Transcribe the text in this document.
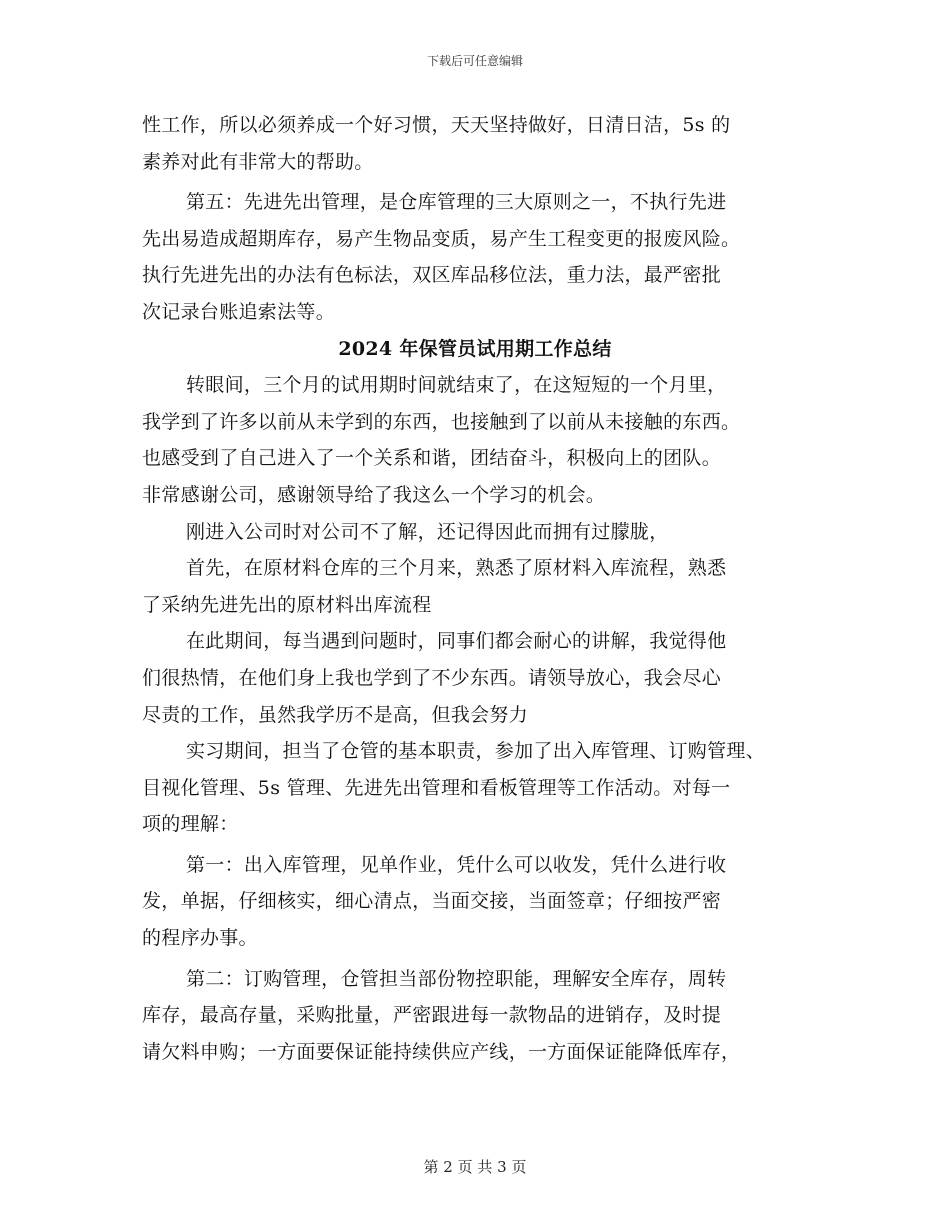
下载后可任意编辑
性工作，所以必须养成一个好习惯，天天坚持做好，日清日洁，5s 的
素养对此有非常大的帮助。
第五：先进先出管理，是仓库管理的三大原则之一，不执行先进
先出易造成超期库存，易产生物品变质，易产生工程变更的报废风险。
执行先进先出的办法有色标法，双区库品移位法，重力法，最严密批
次记录台账追索法等。
2024 年保管员试用期工作总结
转眼间，三个月的试用期时间就结束了，在这短短的一个月里，
我学到了许多以前从未学到的东西，也接触到了以前从未接触的东西。
也感受到了自己进入了一个关系和谐，团结奋斗，积极向上的团队。
非常感谢公司，感谢领导给了我这么一个学习的机会。
刚进入公司时对公司不了解，还记得因此而拥有过朦胧，
首先，在原材料仓库的三个月来，熟悉了原材料入库流程，熟悉
了采纳先进先出的原材料出库流程
在此期间，每当遇到问题时，同事们都会耐心的讲解，我觉得他
们很热情，在他们身上我也学到了不少东西。请领导放心，我会尽心
尽责的工作，虽然我学历不是高，但我会努力
实习期间，担当了仓管的基本职责，参加了出入库管理、订购管理、
目视化管理、5s 管理、先进先出管理和看板管理等工作活动。对每一
项的理解：
第一：出入库管理，见单作业，凭什么可以收发，凭什么进行收
发，单据，仔细核实，细心清点，当面交接，当面签章；仔细按严密
的程序办事。
第二：订购管理，仓管担当部份物控职能，理解安全库存，周转
库存，最高存量，采购批量，严密跟进每一款物品的进销存，及时提
请欠料申购；一方面要保证能持续供应产线，一方面保证能降低库存，
第 2 页 共 3 页
